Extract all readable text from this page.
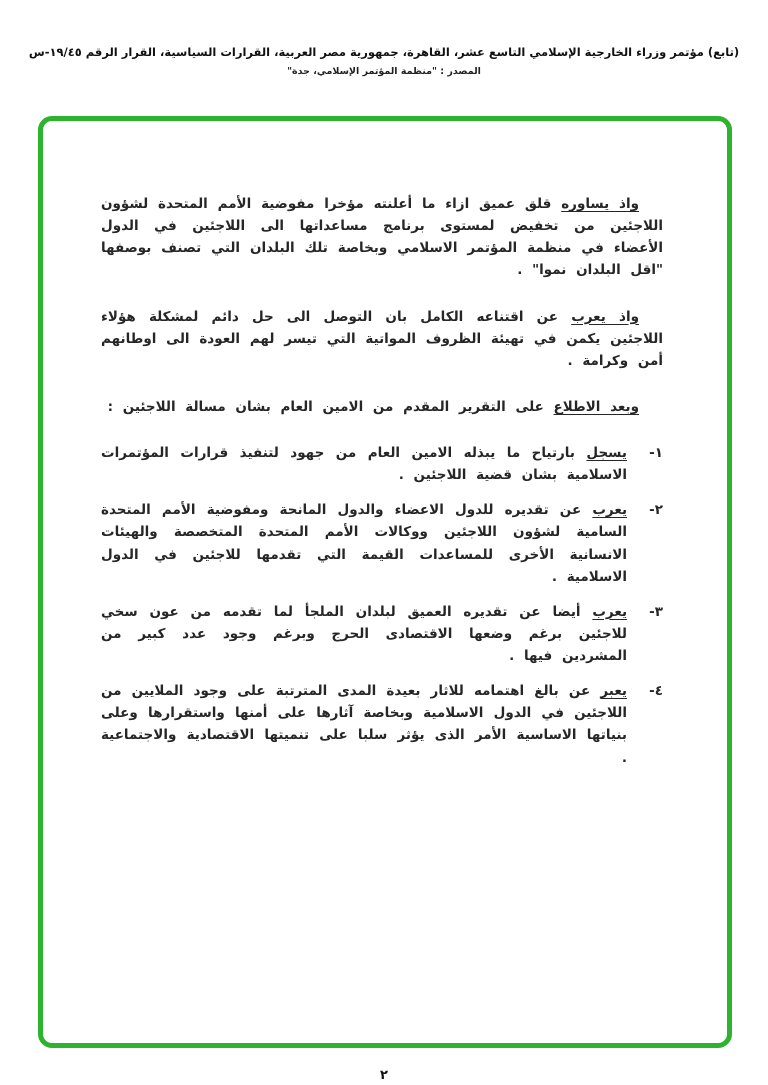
(تابع) مؤتمر وزراء الخارجية الإسلامي التاسع عشر، القاهرة، جمهورية مصر العربية، القرارات السياسية، القرار الرقم ١٩/٤٥-س
المصدر : "منظمة المؤتمر الإسلامي، جدة"

واذ يساوره قلق عميق ازاء ما أعلنته مؤخرا مفوضية الأمم المتحدة لشؤون اللاجئين من تخفيض لمستوى برنامج مساعداتها الى اللاجئين في الدول الأعضاء في منظمة المؤتمر الاسلامي وبخاصة تلك البلدان التي تصنف بوصفها "اقل البلدان نموا" .

واذ يعرب عن اقتناعه الكامل بان التوصل الى حل دائم لمشكلة هؤلاء اللاجئين يكمن في تهيئة الظروف المواتية التي تيسر لهم العودة الى اوطانهم أمن وكرامة .

وبعد الاطلاع على التقرير المقدم من الامين العام بشان مسالة اللاجئين :

١-
يسجل بارتياح ما يبذله الامين العام من جهود لتنفيذ قرارات المؤتمرات الاسلامية بشان قضية اللاجئين .
٢-
يعرب عن تقديره للدول الاعضاء والدول المانحة ومفوضية الأمم المتحدة السامية لشؤون اللاجئين ووكالات الأمم المتحدة المتخصصة والهيئات الانسانية الأخرى للمساعدات القيمة التي تقدمها للاجئين في الدول الاسلامية .
٣-
يعرب أيضا عن تقديره العميق لبلدان الملجأ لما تقدمه من عون سخي للاجئين برغم وضعها الاقتصادى الحرج وبرغم وجود عدد كبير من المشردين فيها .
٤-
يعبر عن بالغ اهتمامه للاثار بعيدة المدى المترتبة على وجود الملايين من اللاجئين في الدول الاسلامية وبخاصة آثارها على أمنها واستقرارها وعلى بنياتها الاساسية الأمر الذى يؤثر سلبا على تنميتها الاقتصادية والاجتماعية .
٢
